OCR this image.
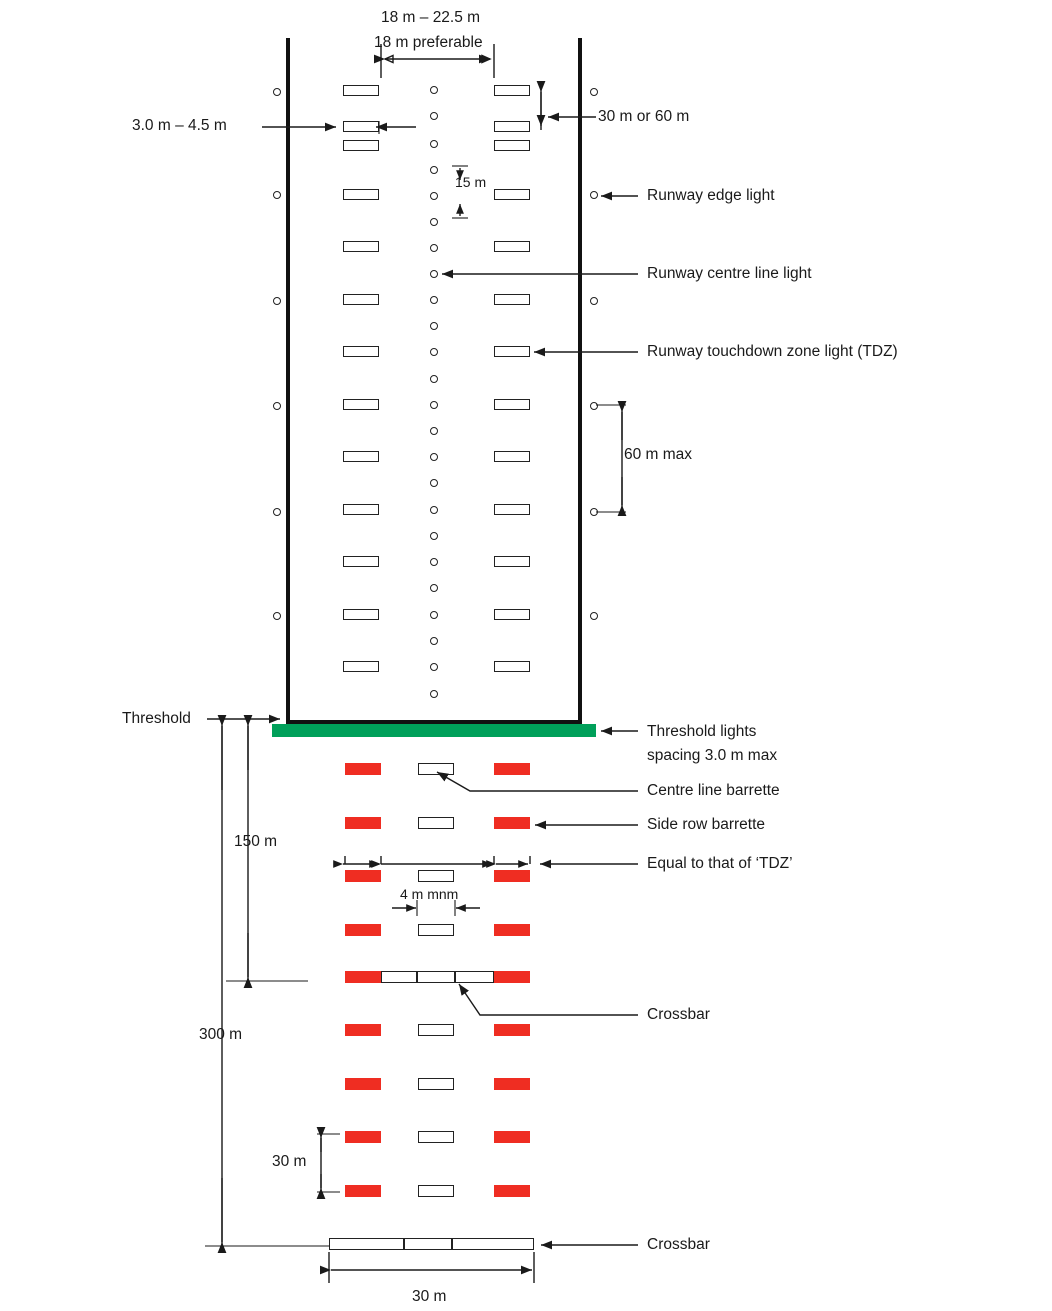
18 m – 22.5 m
18 m preferable
3.0 m – 4.5 m
30 m or 60 m
15 m
Runway edge light
Runway centre line light
Runway touchdown zone light (TDZ)
60 m max
Threshold
Threshold lights
spacing 3.0 m max
Centre line barrette
Side row barrette
Equal to that of ‘TDZ’
150 m
4 m mnm
Crossbar
300 m
30 m
Crossbar
30 m
